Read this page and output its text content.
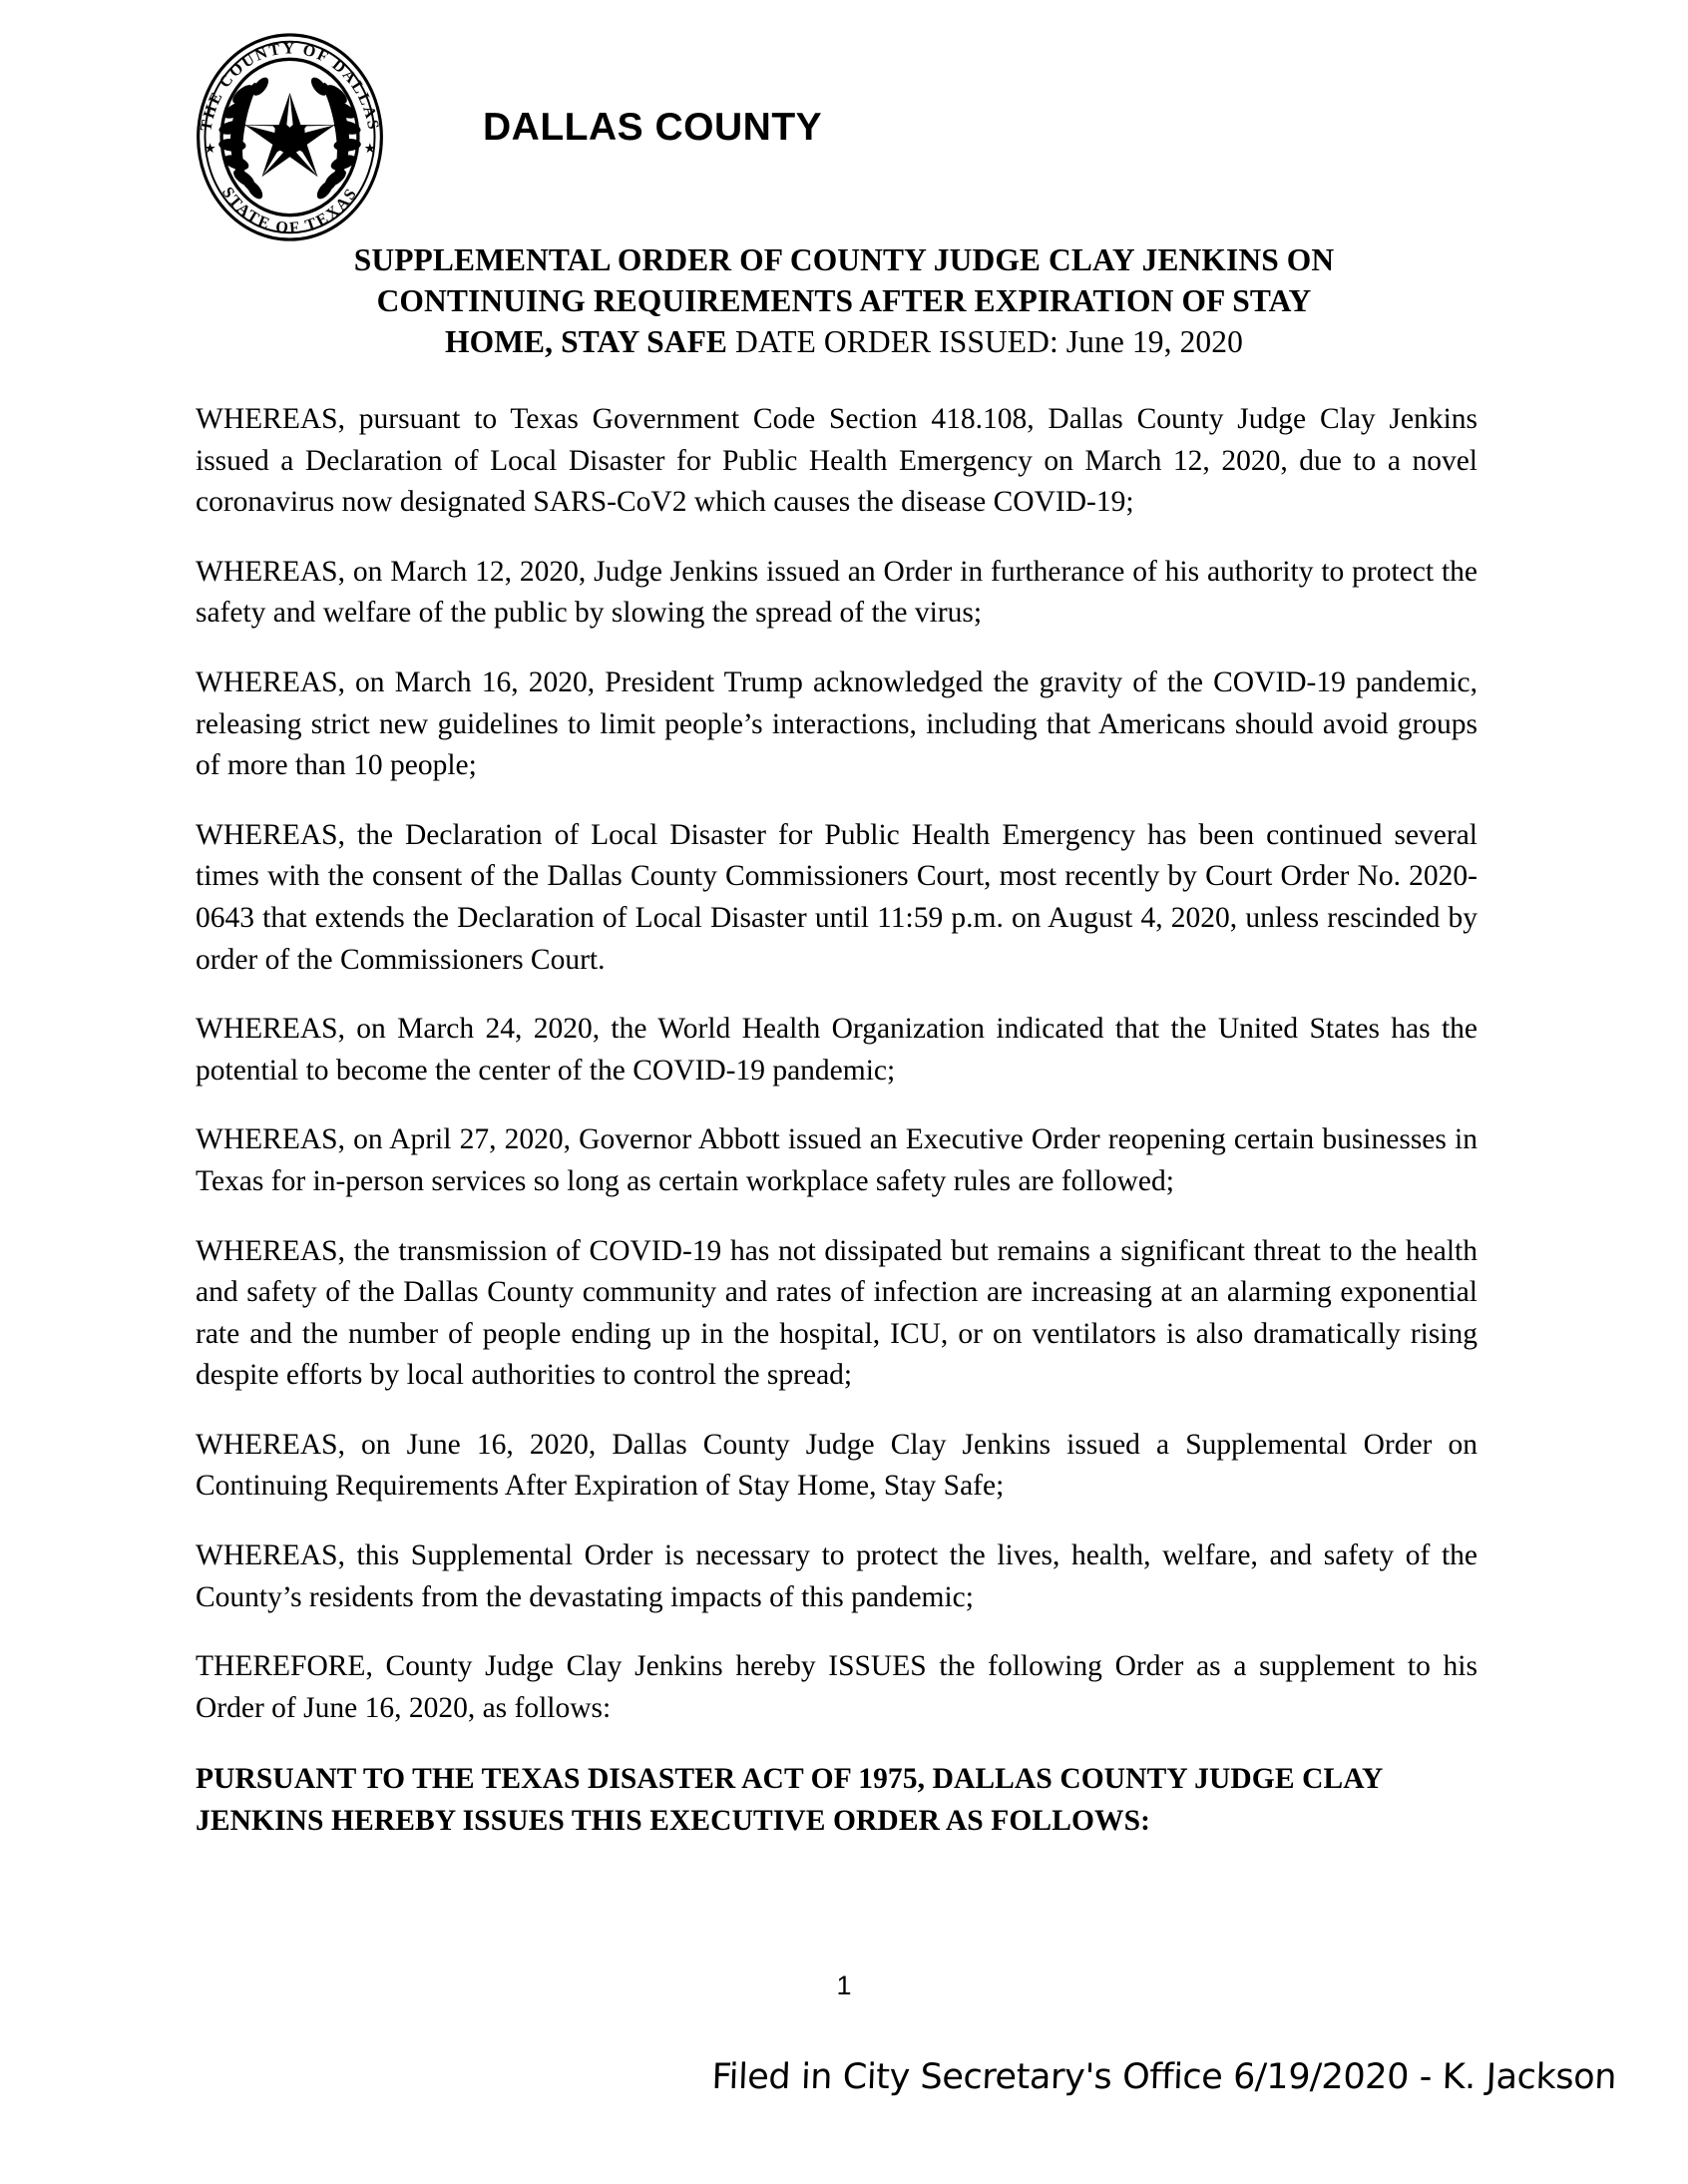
THE COUNTY OF DALLAS
STATE OF TEXAS
★	★	DALLAS COUNTY
SUPPLEMENTAL ORDER OF COUNTY JUDGE CLAY JENKINS ON
CONTINUING REQUIREMENTS AFTER EXPIRATION OF STAY
HOME, STAY SAFE DATE ORDER ISSUED: June 19, 2020

WHEREAS, pursuant to Texas Government Code Section 418.108, Dallas County Judge Clay Jenkins issued a Declaration of Local Disaster for Public Health Emergency on March 12, 2020, due to a novel coronavirus now designated SARS-CoV2 which causes the disease COVID-19;

WHEREAS, on March 12, 2020, Judge Jenkins issued an Order in furtherance of his authority to protect the safety and welfare of the public by slowing the spread of the virus;

WHEREAS, on March 16, 2020, President Trump acknowledged the gravity of the COVID-19 pandemic, releasing strict new guidelines to limit people’s interactions, including that Americans should avoid groups of more than 10 people;

WHEREAS, the Declaration of Local Disaster for Public Health Emergency has been continued several times with the consent of the Dallas County Commissioners Court, most recently by Court Order No. 2020-0643 that extends the Declaration of Local Disaster until 11:59 p.m. on August 4, 2020, unless rescinded by order of the Commissioners Court.

WHEREAS, on March 24, 2020, the World Health Organization indicated that the United States has the potential to become the center of the COVID-19 pandemic;

WHEREAS, on April 27, 2020, Governor Abbott issued an Executive Order reopening certain businesses in Texas for in-person services so long as certain workplace safety rules are followed;

WHEREAS, the transmission of COVID-19 has not dissipated but remains a significant threat to the health and safety of the Dallas County community and rates of infection are increasing at an alarming exponential rate and the number of people ending up in the hospital, ICU, or on ventilators is also dramatically rising despite efforts by local authorities to control the spread;

WHEREAS, on June 16, 2020, Dallas County Judge Clay Jenkins issued a Supplemental Order on Continuing Requirements After Expiration of Stay Home, Stay Safe;

WHEREAS, this Supplemental Order is necessary to protect the lives, health, welfare, and safety of the County’s residents from the devastating impacts of this pandemic;

THEREFORE, County Judge Clay Jenkins hereby ISSUES the following Order as a supplement to his Order of June 16, 2020, as follows:

PURSUANT TO THE TEXAS DISASTER ACT OF 1975, DALLAS COUNTY JUDGE CLAY JENKINS HEREBY ISSUES THIS EXECUTIVE ORDER AS FOLLOWS:

1
Filed in City Secretary's Office 6/19/2020 - K. Jackson
